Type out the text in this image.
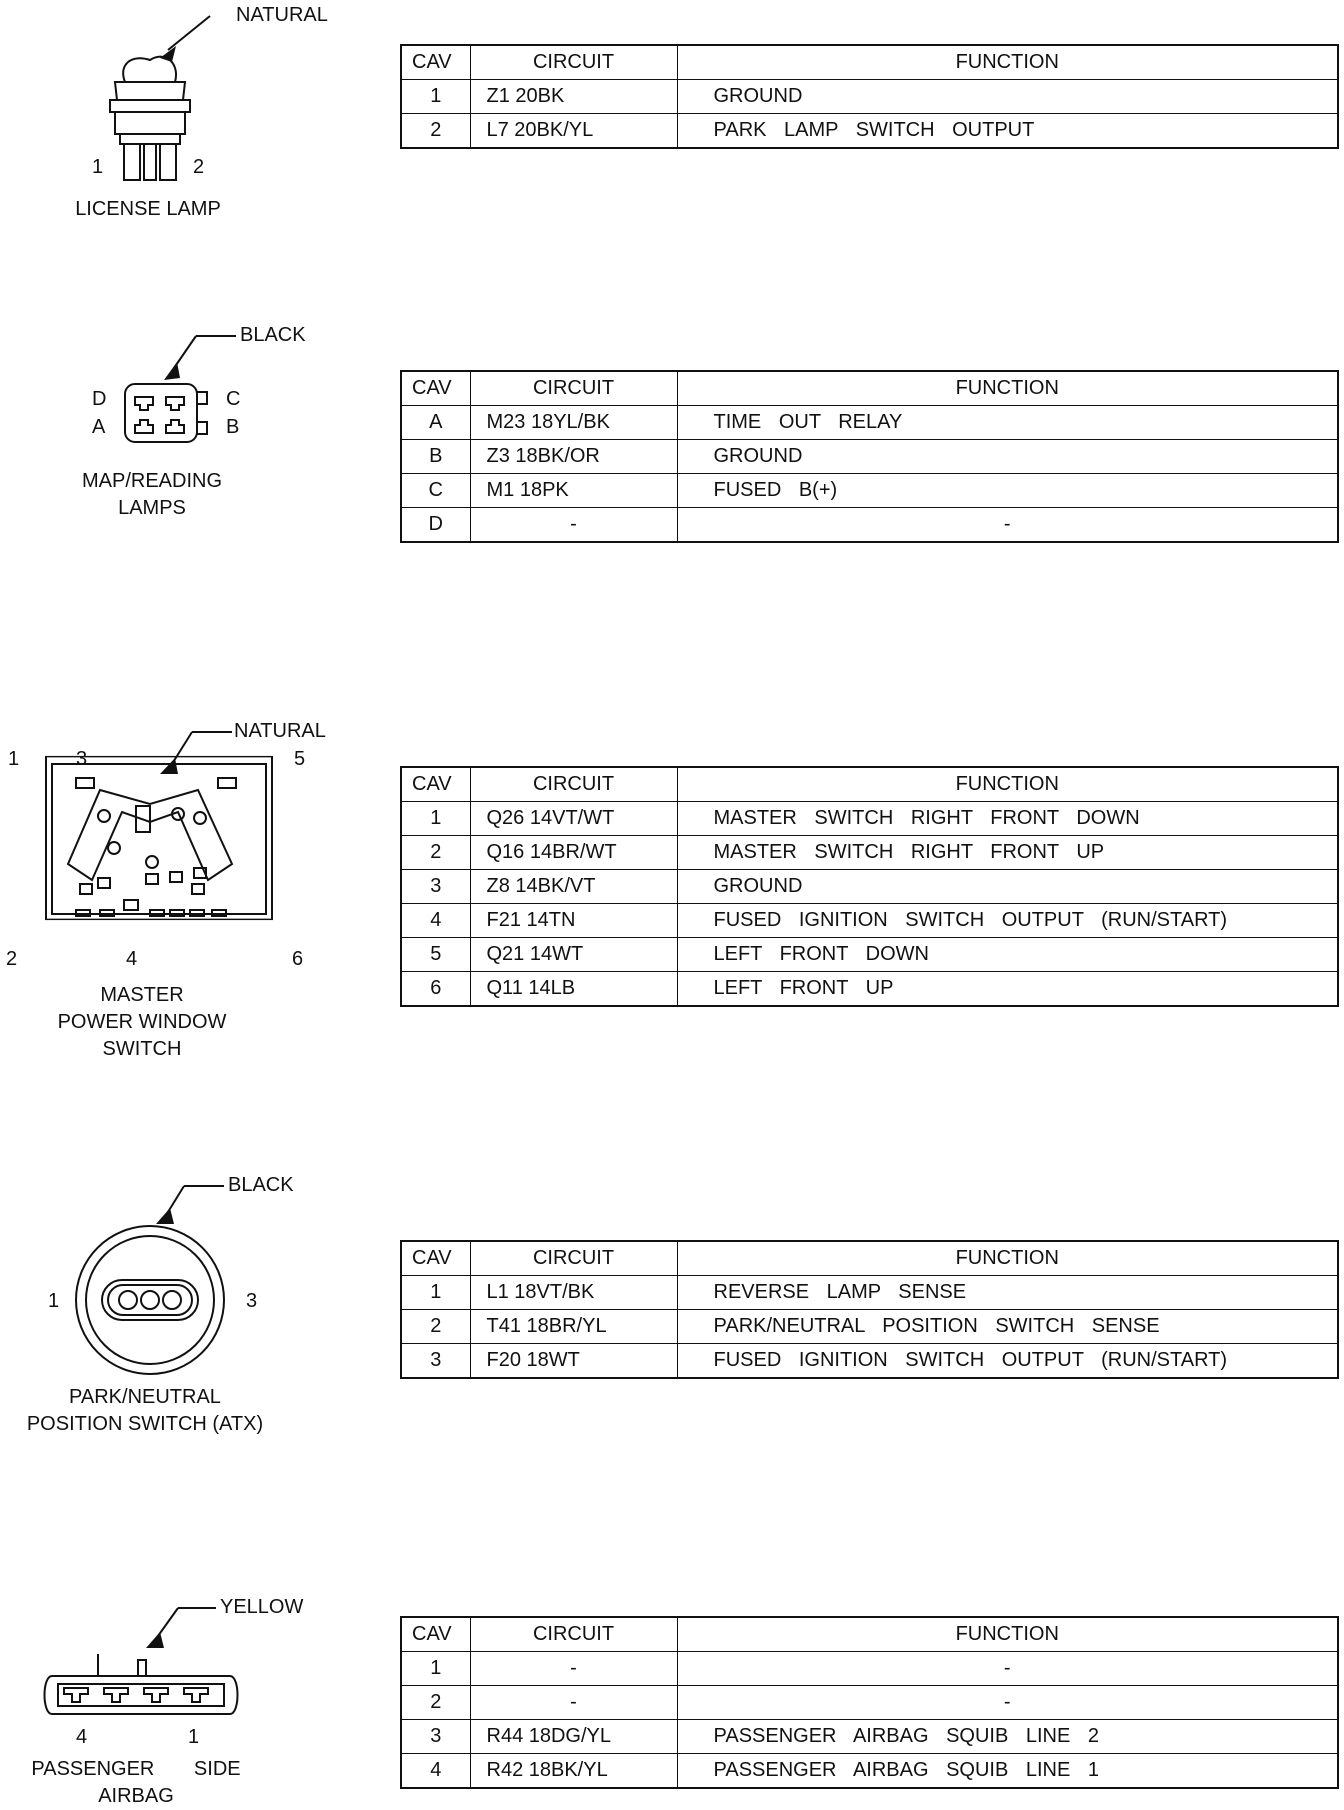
NATURAL
1	2
LICENSE LAMP
CAV	CIRCUIT	FUNCTION
1	Z1 20BK	GROUND
2	L7 20BK/YL	PARK LAMP SWITCH OUTPUT
BLACK
D
A
C
B
MAP/READING
LAMPS
CAV	CIRCUIT	FUNCTION
A	M23 18YL/BK	TIME OUT RELAY
B	Z3 18BK/OR	GROUND
C	M1 18PK	FUSED B(+)
D	-	-
NATURAL
1	3	5
2	4	6
MASTER
POWER WINDOW
SWITCH
CAV	CIRCUIT	FUNCTION
1	Q26 14VT/WT	MASTER SWITCH RIGHT FRONT DOWN
2	Q16 14BR/WT	MASTER SWITCH RIGHT FRONT UP
3	Z8 14BK/VT	GROUND
4	F21 14TN	FUSED IGNITION SWITCH OUTPUT (RUN/START)
5	Q21 14WT	LEFT FRONT DOWN
6	Q11 14LB	LEFT FRONT UP
BLACK
1	3
PARK/NEUTRAL
POSITION SWITCH (ATX)
CAV	CIRCUIT	FUNCTION
1	L1 18VT/BK	REVERSE LAMP SENSE
2	T41 18BR/YL	PARK/NEUTRAL POSITION SWITCH SENSE
3	F20 18WT	FUSED IGNITION SWITCH OUTPUT (RUN/START)
YELLOW
4	1
PASSENGER SIDE
AIRBAG
CAV	CIRCUIT	FUNCTION
1	-	-
2	-	-
3	R44 18DG/YL	PASSENGER AIRBAG SQUIB LINE 2
4	R42 18BK/YL	PASSENGER AIRBAG SQUIB LINE 1
